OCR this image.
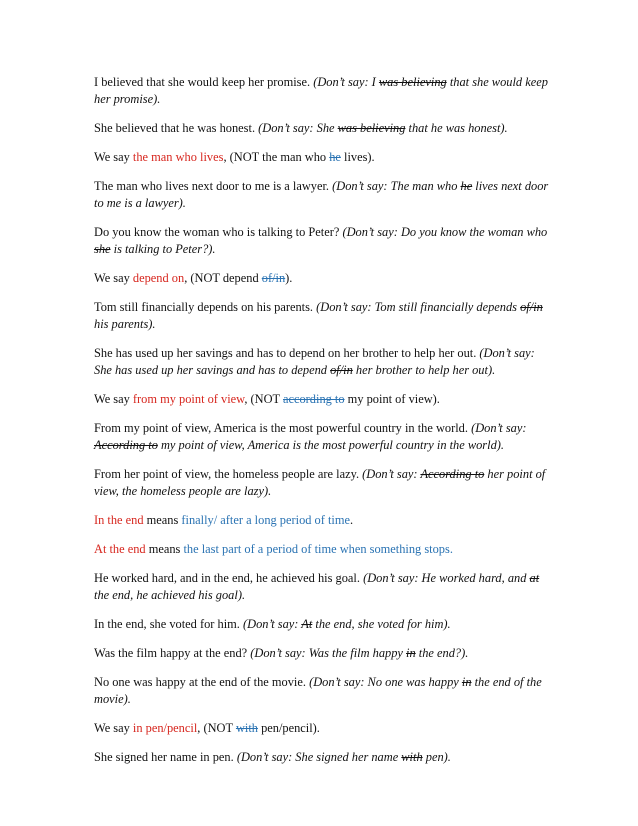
I believed that she would keep her promise. (Don’t say: I was believing that she would keep her promise).

She believed that he was honest. (Don’t say: She was believing that he was honest).

We say the man who lives, (NOT the man who he lives).

The man who lives next door to me is a lawyer. (Don’t say: The man who he lives next door to me is a lawyer).

Do you know the woman who is talking to Peter? (Don’t say: Do you know the woman who she is talking to Peter?).

We say depend on, (NOT depend of/in).

Tom still financially depends on his parents. (Don’t say: Tom still financially depends of/in his parents).

She has used up her savings and has to depend on her brother to help her out. (Don’t say: She has used up her savings and has to depend of/in her brother to help her out).

We say from my point of view, (NOT according to my point of view).

From my point of view, America is the most powerful country in the world. (Don’t say: According to my point of view, America is the most powerful country in the world).

From her point of view, the homeless people are lazy. (Don’t say: According to her point of view, the homeless people are lazy).

In the end means finally/ after a long period of time.

At the end means the last part of a period of time when something stops.

He worked hard, and in the end, he achieved his goal. (Don’t say: He worked hard, and at the end, he achieved his goal).

In the end, she voted for him. (Don’t say: At the end, she voted for him).

Was the film happy at the end? (Don’t say: Was the film happy in the end?).

No one was happy at the end of the movie. (Don’t say: No one was happy in the end of the movie).

We say in pen/pencil, (NOT with pen/pencil).

She signed her name in pen. (Don’t say: She signed her name with pen).
